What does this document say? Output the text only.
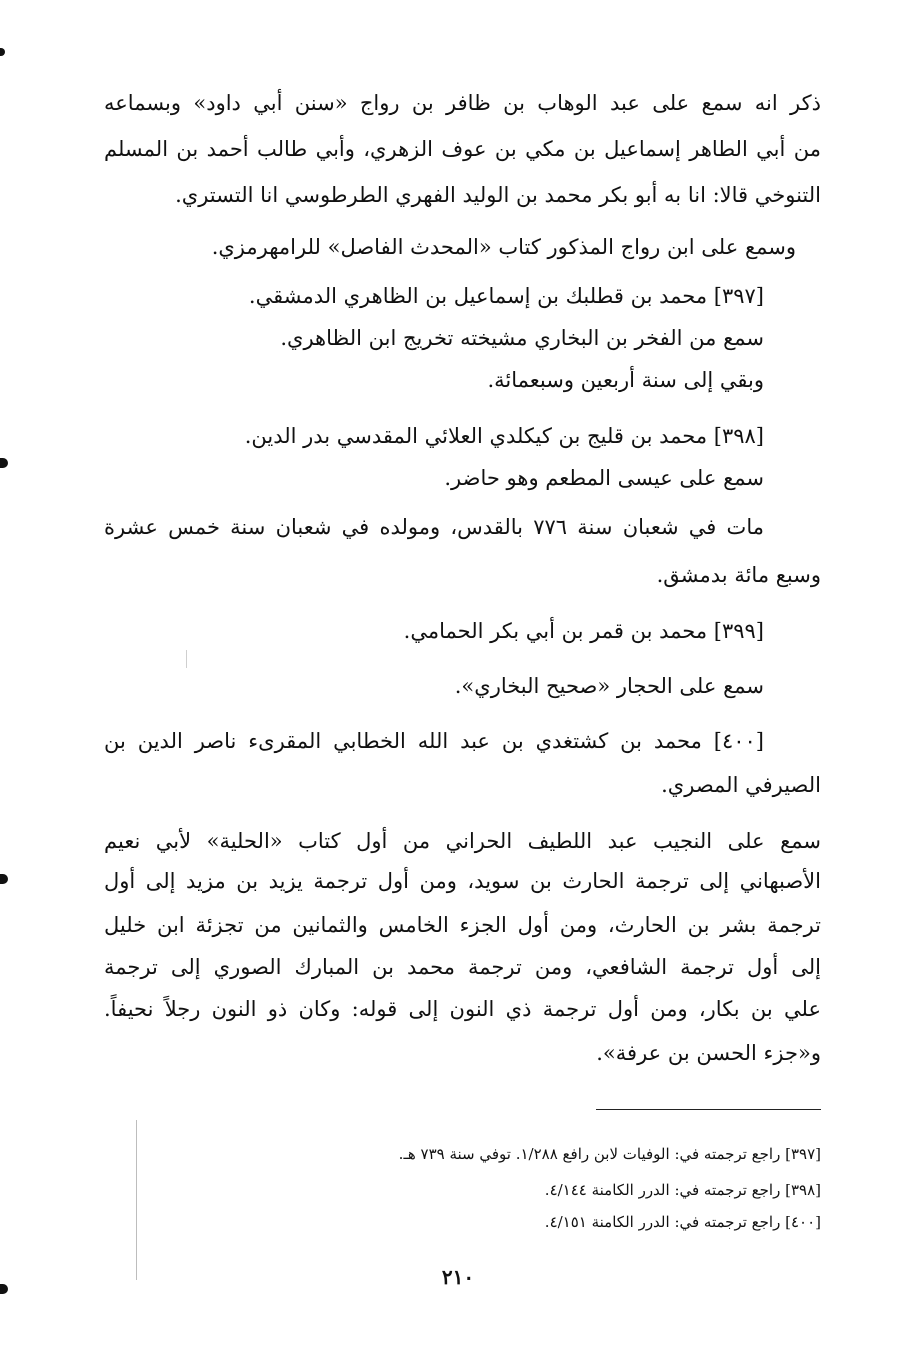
ذكر انه سمع على عبد الوهاب بن ظافر بن رواج «سنن أبي داود» وبسماعه
من أبي الطاهر إسماعيل بن مكي بن عوف الزهري، وأبي طالب أحمد بن المسلم
التنوخي قالا: انا به أبو بكر محمد بن الوليد الفهري الطرطوسي انا التستري.
وسمع على ابن رواج المذكور كتاب «المحدث الفاصل» للرامهرمزي.
[٣٩٧] محمد بن قطلبك بن إسماعيل بن الظاهري الدمشقي.
سمع من الفخر بن البخاري مشيخته تخريج ابن الظاهري.
وبقي إلى سنة أربعين وسبعمائة.
[٣٩٨] محمد بن قليج بن كيكلدي العلائي المقدسي بدر الدين.
سمع على عيسى المطعم وهو حاضر.
مات في شعبان سنة ٧٧٦ بالقدس، ومولده في شعبان سنة خمس عشرة
وسبع مائة بدمشق.
[٣٩٩] محمد بن قمر بن أبي بكر الحمامي.
سمع على الحجار «صحيح البخاري».
[٤٠٠] محمد بن كشتغدي بن عبد الله الخطابي المقرىء ناصر الدين بن
الصيرفي المصري.
سمع على النجيب عبد اللطيف الحراني من أول كتاب «الحلية» لأبي نعيم
الأصبهاني إلى ترجمة الحارث بن سويد، ومن أول ترجمة يزيد بن مزيد إلى أول
ترجمة بشر بن الحارث، ومن أول الجزء الخامس والثمانين من تجزئة ابن خليل
إلى أول ترجمة الشافعي، ومن ترجمة محمد بن المبارك الصوري إلى ترجمة
علي بن بكار، ومن أول ترجمة ذي النون إلى قوله: وكان ذو النون رجلاً نحيفاً.
و«جزء الحسن بن عرفة».
[٣٩٧] راجع ترجمته في: الوفيات لابن رافع ١/٢٨٨. توفي سنة ٧٣٩ هـ.
[٣٩٨] راجع ترجمته في: الدرر الكامنة ٤/١٤٤.
[٤٠٠] راجع ترجمته في: الدرر الكامنة ٤/١٥١.
٢١٠
